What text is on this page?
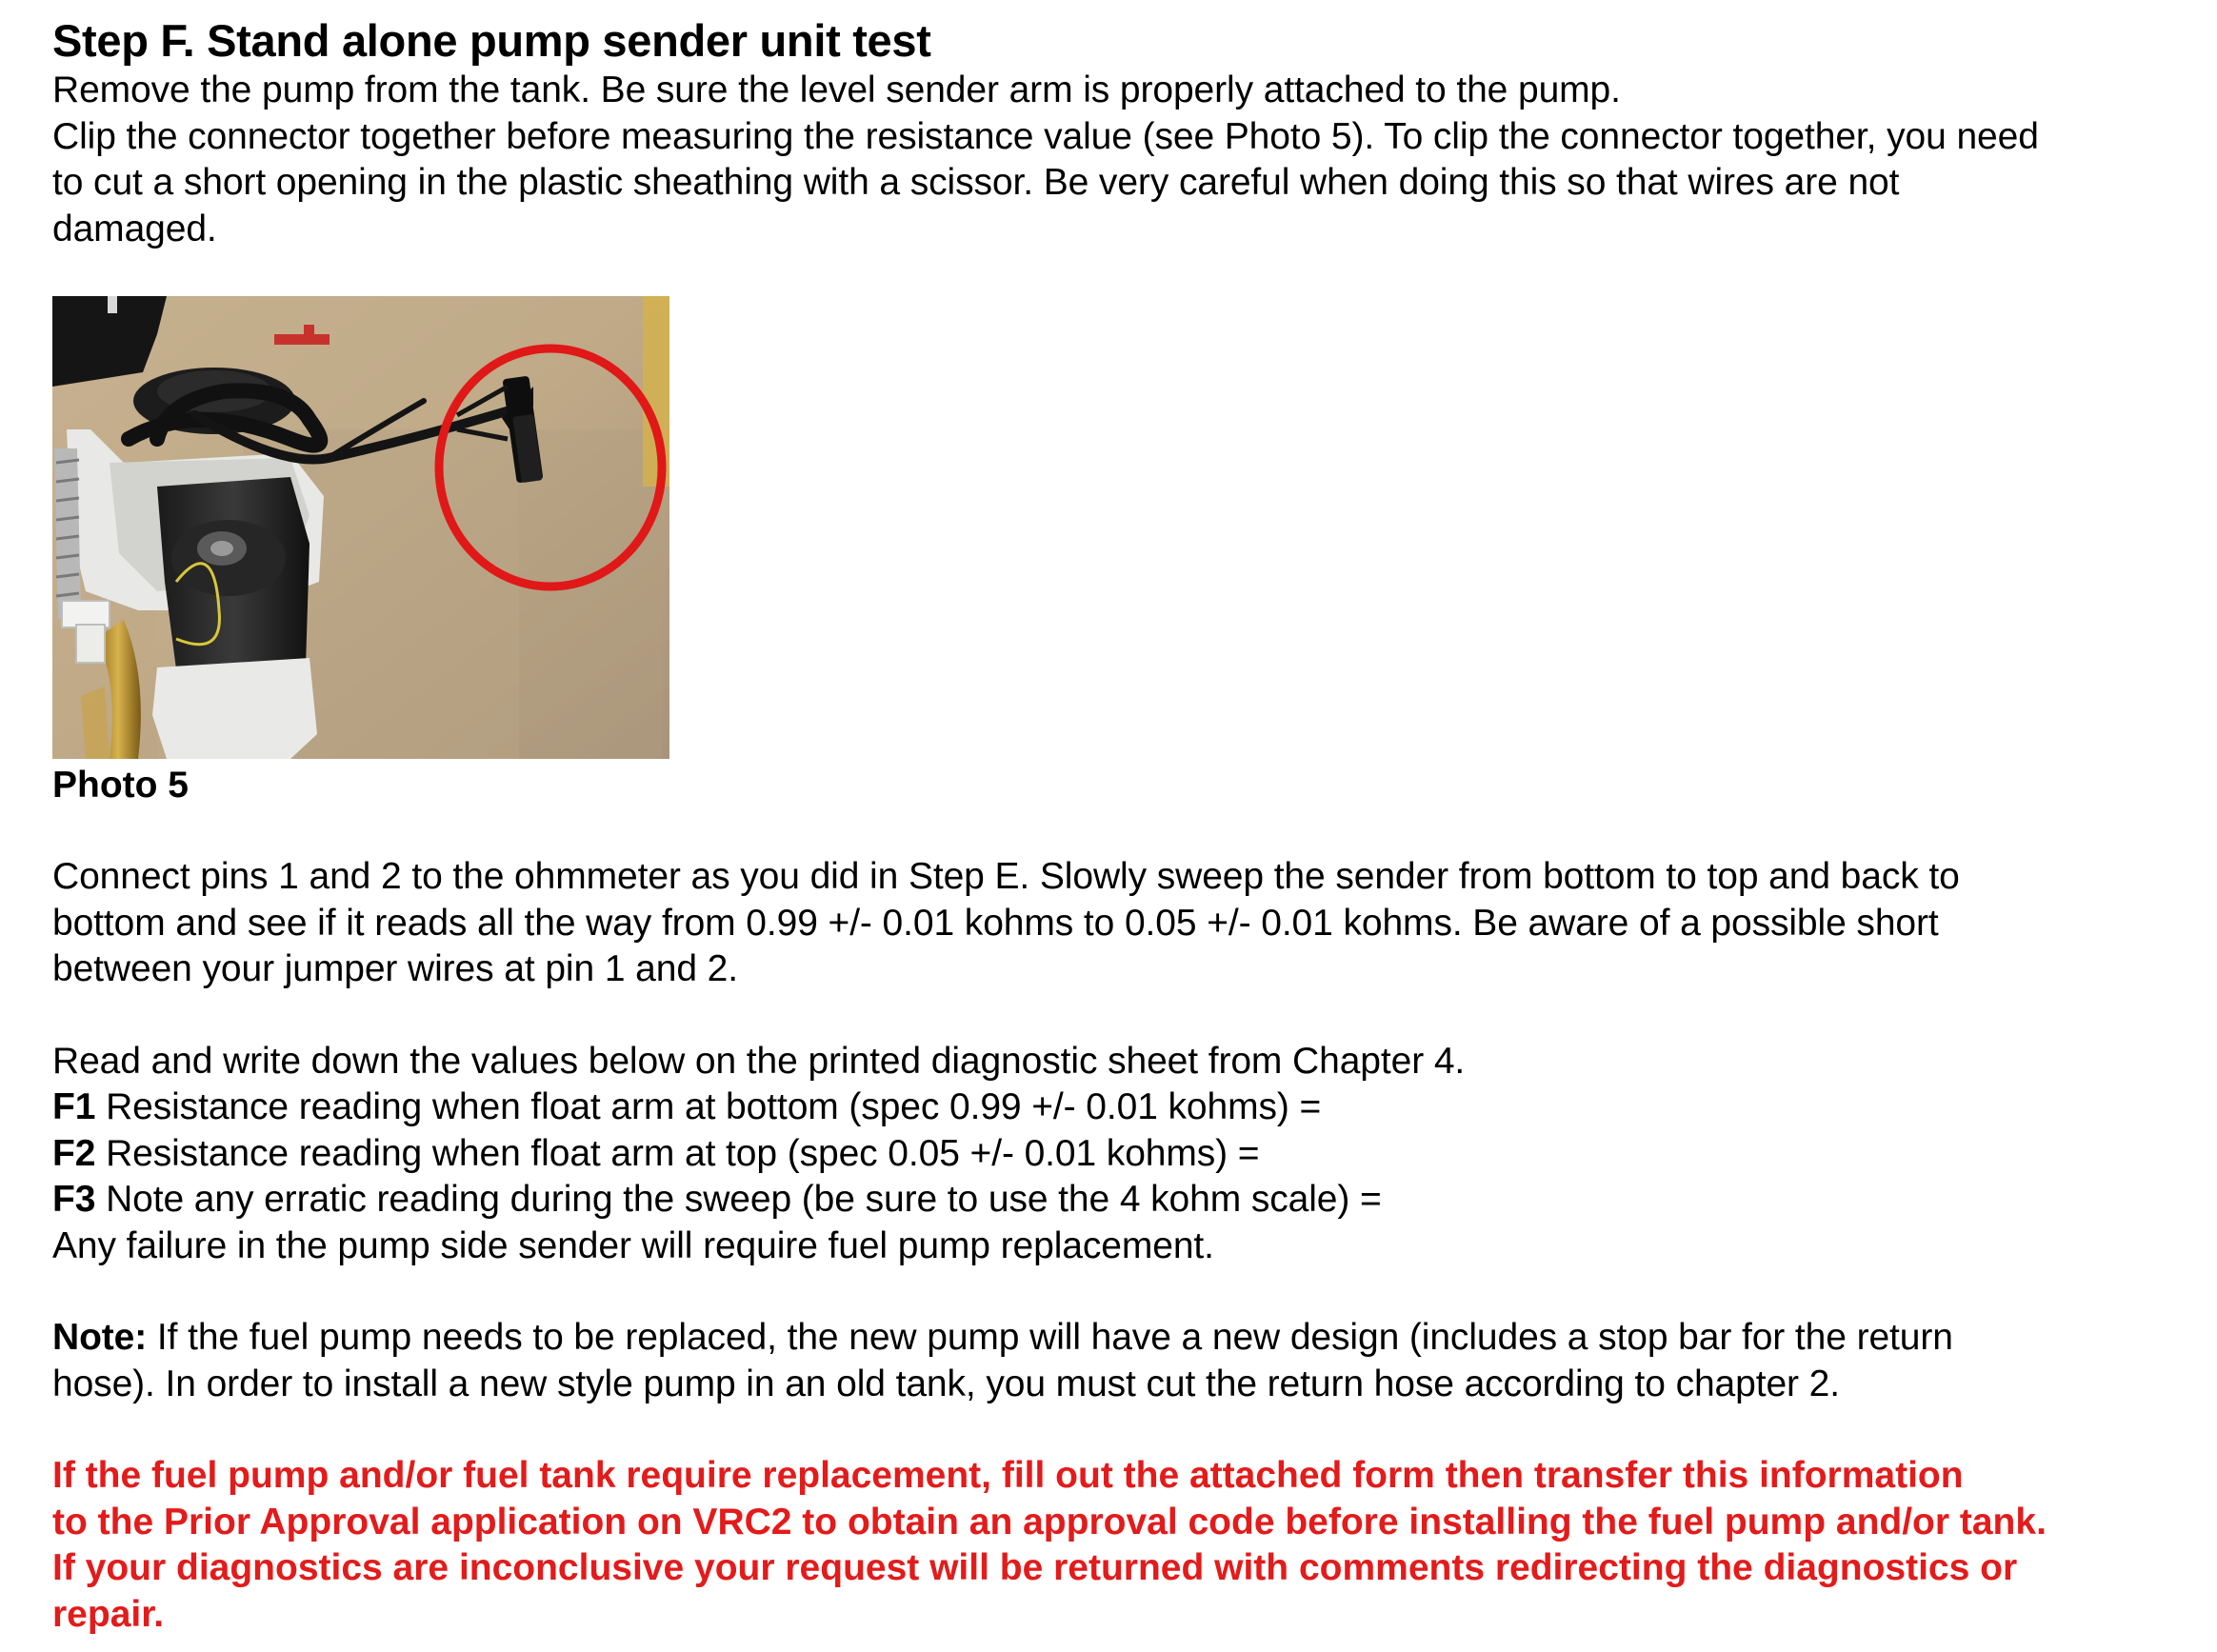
Step F. Stand alone pump sender unit test

Remove the pump from the tank. Be sure the level sender arm is properly attached to the pump.
Clip the connector together before measuring the resistance value (see Photo 5). To clip the connector together, you need
to cut a short opening in the plastic sheathing with a scissor. Be very careful when doing this so that wires are not
damaged.

Photo 5

Connect pins 1 and 2 to the ohmmeter as you did in Step E. Slowly sweep the sender from bottom to top and back to
bottom and see if it reads all the way from 0.99 +/- 0.01 kohms to 0.05 +/- 0.01 kohms. Be aware of a possible short
between your jumper wires at pin 1 and 2.

Read and write down the values below on the printed diagnostic sheet from Chapter 4.
F1 Resistance reading when float arm at bottom (spec 0.99 +/- 0.01 kohms) =
F2 Resistance reading when float arm at top (spec 0.05 +/- 0.01 kohms) =
F3 Note any erratic reading during the sweep (be sure to use the 4 kohm scale) =
Any failure in the pump side sender will require fuel pump replacement.

Note: If the fuel pump needs to be replaced, the new pump will have a new design (includes a stop bar for the return
hose). In order to install a new style pump in an old tank, you must cut the return hose according to chapter 2.

If the fuel pump and/or fuel tank require replacement, fill out the attached form then transfer this information
to the Prior Approval application on VRC2 to obtain an approval code before installing the fuel pump and/or tank.
If your diagnostics are inconclusive your request will be returned with comments redirecting the diagnostics or
repair.
